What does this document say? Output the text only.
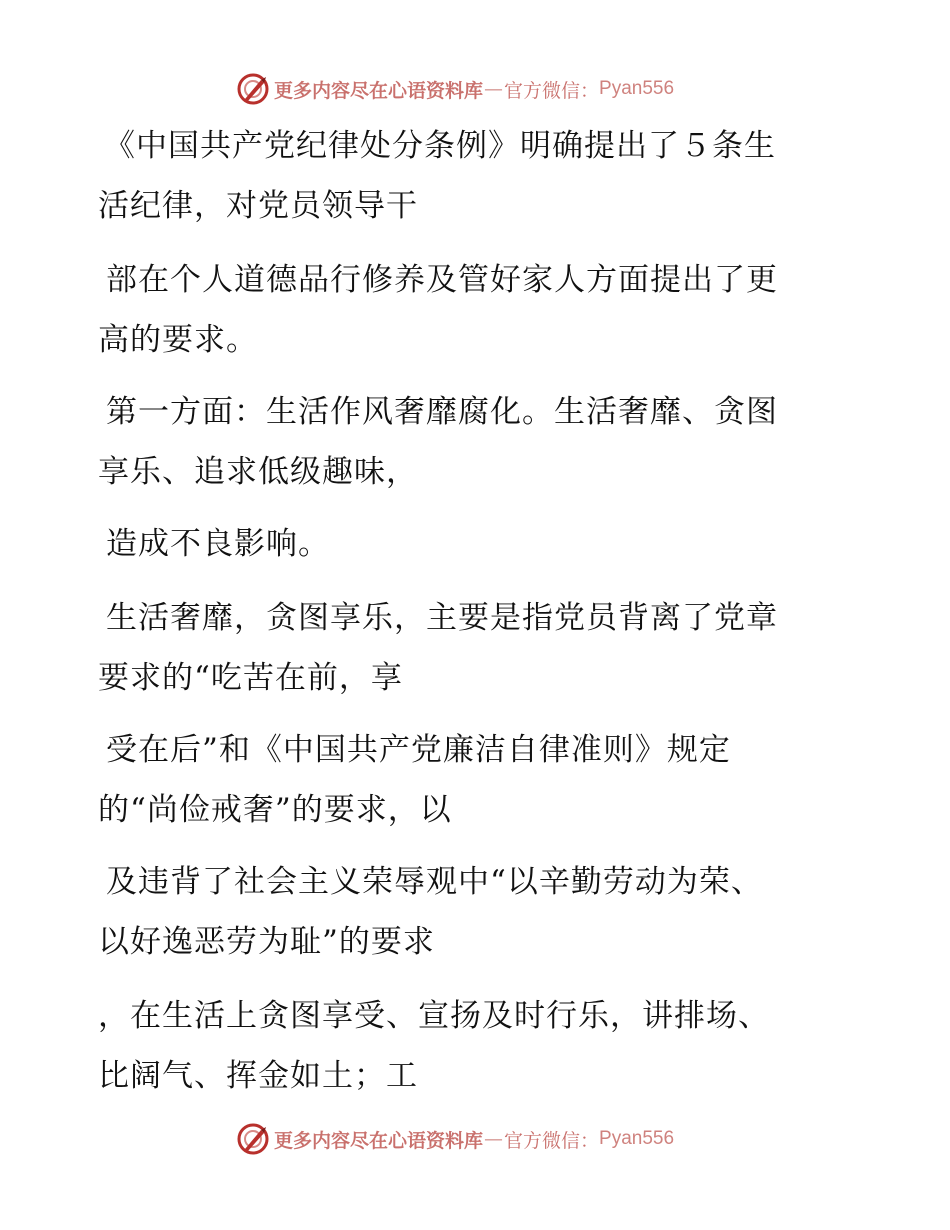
更多内容尽在心语资料库 — 官方微信： Pyan556
《中国共产党纪律处分条例》明确提出了５条生
活纪律，对党员领导干
部在个人道德品行修养及管好家人方面提出了更
高的要求。
第一方面：生活作风奢靡腐化。生活奢靡、贪图
享乐、追求低级趣味，
造成不良影响。
生活奢靡，贪图享乐，主要是指党员背离了党章
要求的“吃苦在前，享
受在后”和《中国共产党廉洁自律准则》规定
的“尚俭戒奢”的要求，以
及违背了社会主义荣辱观中“以辛勤劳动为荣、
以好逸恶劳为耻”的要求
，在生活上贪图享受、宣扬及时行乐，讲排场、
比阔气、挥金如土；工
更多内容尽在心语资料库 — 官方微信： Pyan556
